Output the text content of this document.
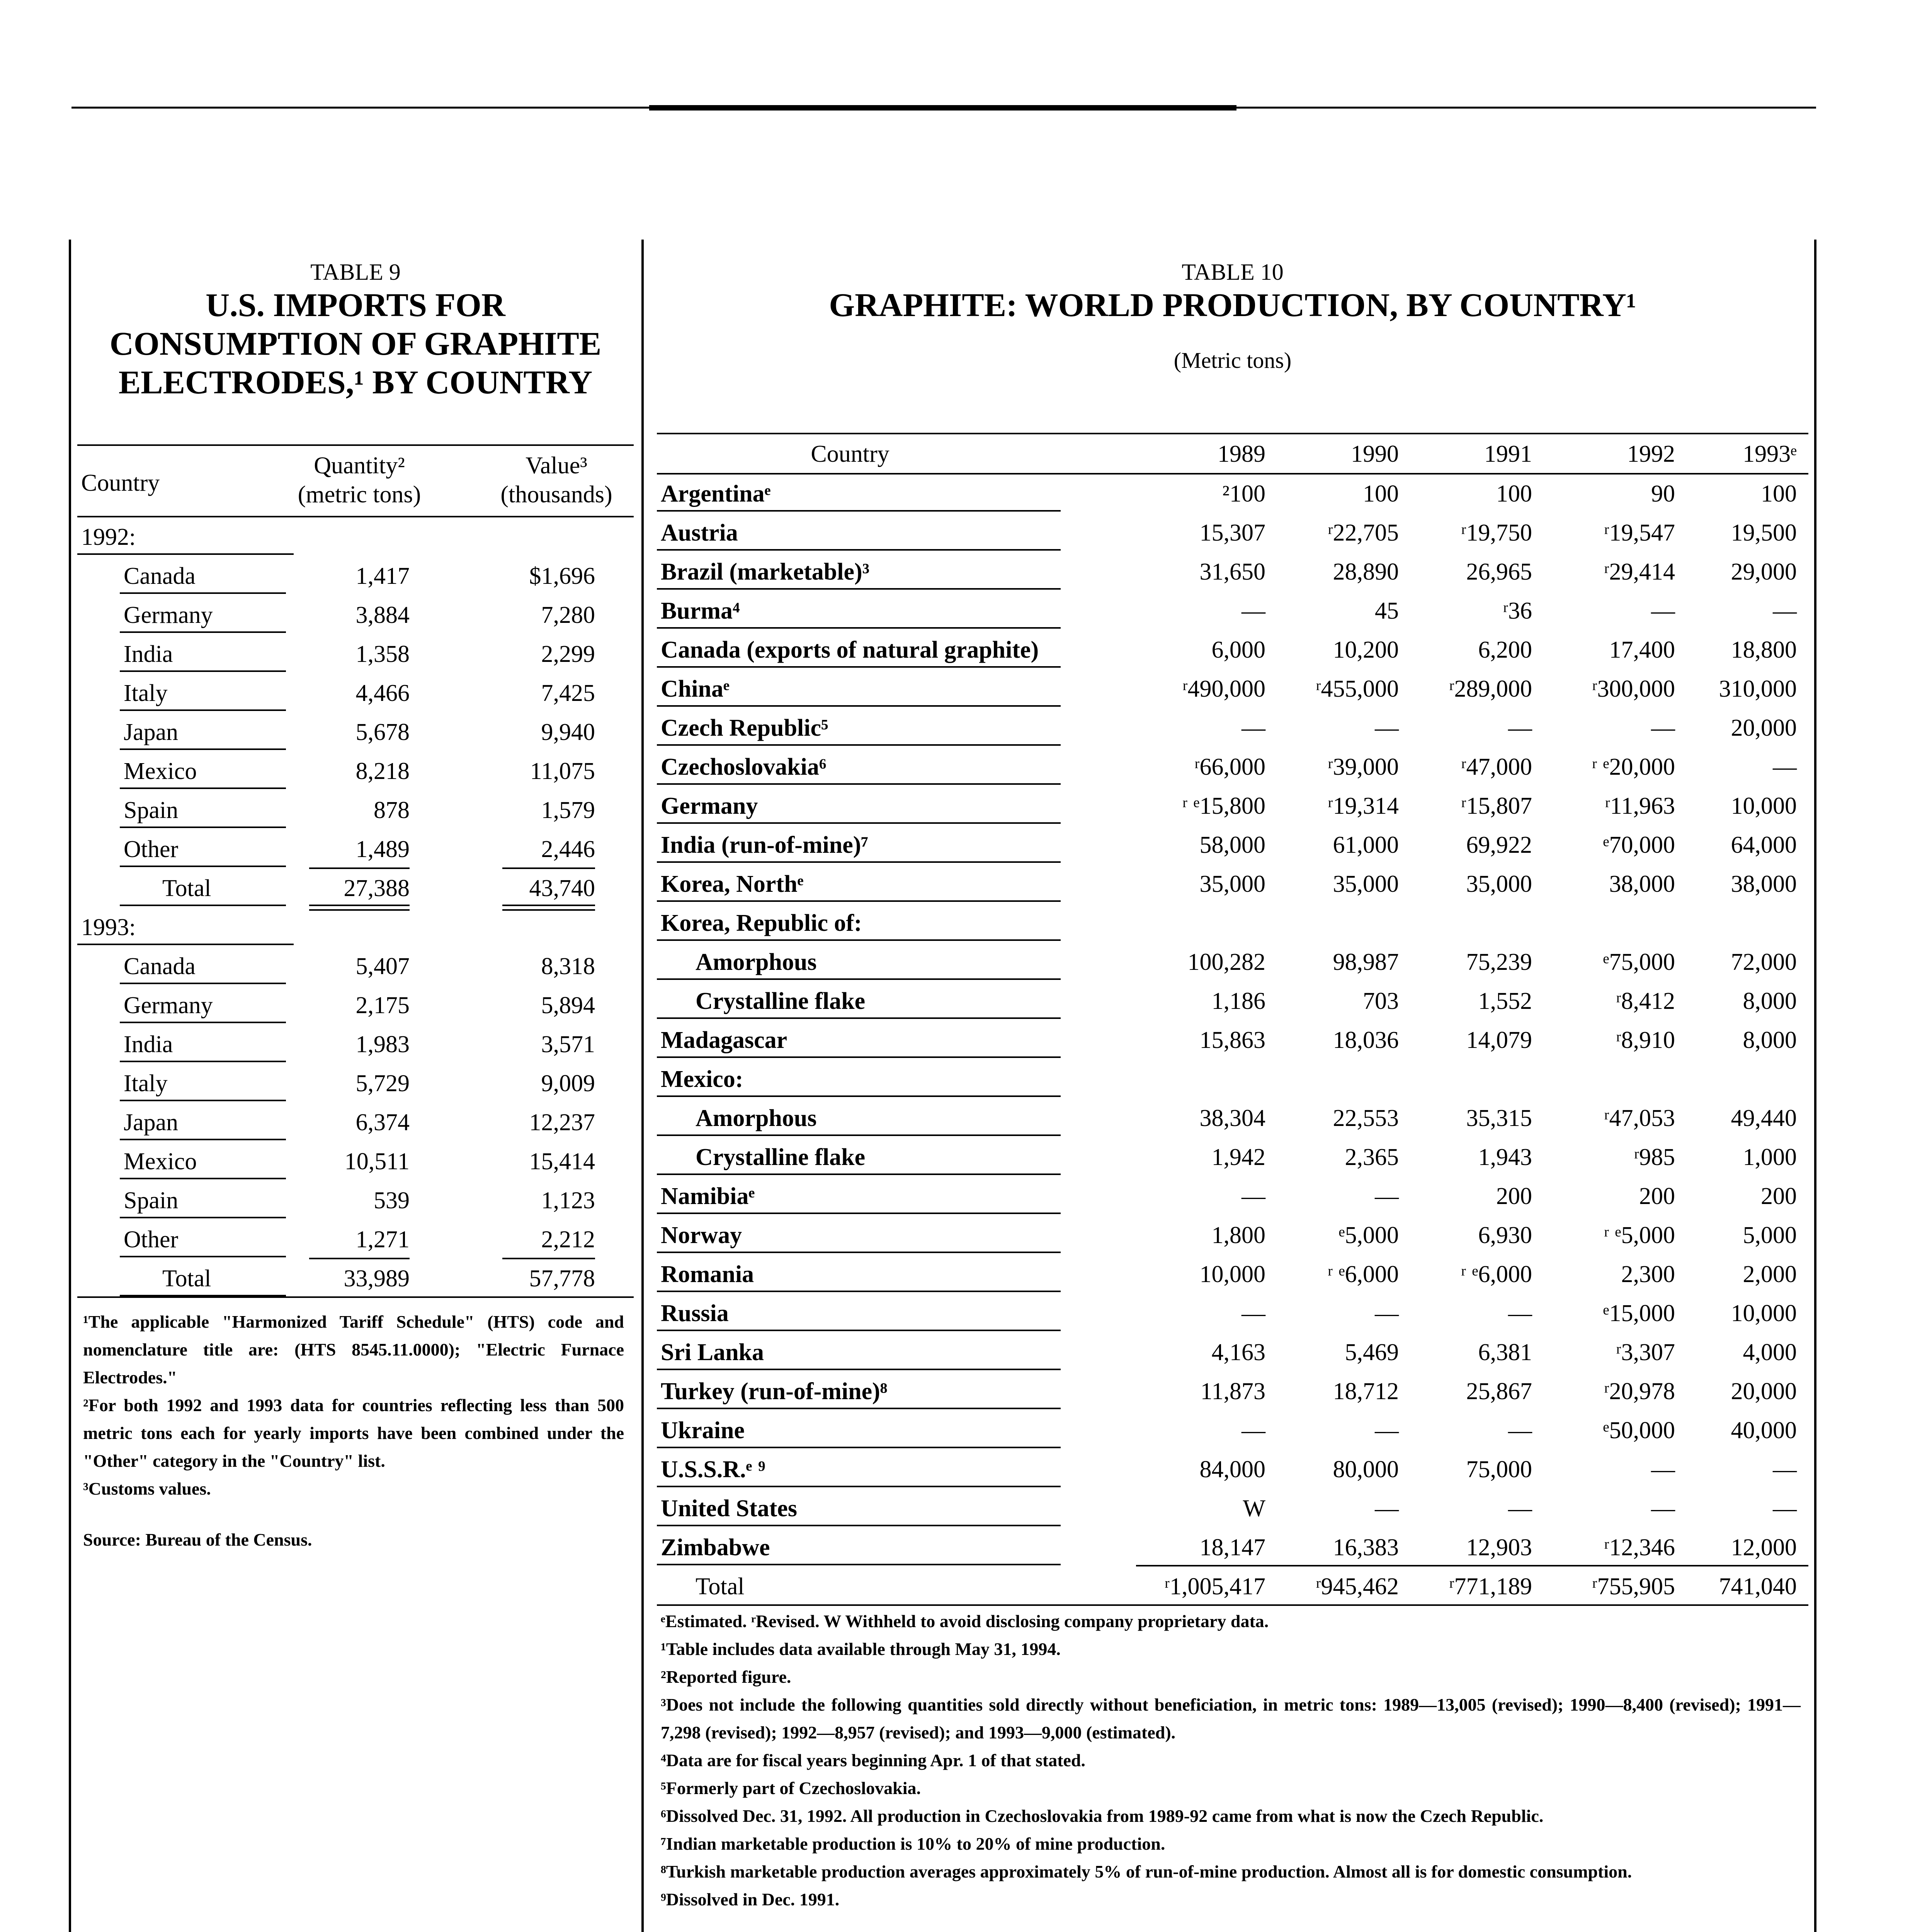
TABLE 9
U.S. IMPORTS FOR
CONSUMPTION OF GRAPHITE
ELECTRODES,¹ BY COUNTRY
Country
Quantity²
(metric tons)
Value³
(thousands)
1992:
Canada	1,417	$1,696
Germany	3,884	7,280
India	1,358	2,299
Italy	4,466	7,425
Japan	5,678	9,940
Mexico	8,218	11,075
Spain	878	1,579
Other	1,489	2,446
Total	27,388	43,740
1993:
Canada	5,407	8,318
Germany	2,175	5,894
India	1,983	3,571
Italy	5,729	9,009
Japan	6,374	12,237
Mexico	10,511	15,414
Spain	539	1,123
Other	1,271	2,212
Total	33,989	57,778
¹The applicable "Harmonized Tariff Schedule" (HTS) code and nomenclature title are: (HTS 8545.11.0000); "Electric Furnace Electrodes."
²For both 1992 and 1993 data for countries reflecting less than 500 metric tons each for yearly imports have been combined under the "Other" category in the "Country" list.
³Customs values.
Source: Bureau of the Census.
TABLE 10
GRAPHITE: WORLD PRODUCTION, BY COUNTRY¹
(Metric tons)
Country	1989	1990	1991	1992	1993ᵉ
Argentinaᵉ	²100	100	100	90	100
Austria	15,307	ʳ22,705	ʳ19,750	ʳ19,547	19,500
Brazil (marketable)³	31,650	28,890	26,965	ʳ29,414	29,000
Burma⁴	—	45	ʳ36	—	—
Canada (exports of natural graphite)	6,000	10,200	6,200	17,400	18,800
Chinaᵉ	ʳ490,000	ʳ455,000	ʳ289,000	ʳ300,000	310,000
Czech Republic⁵	—	—	—	—	20,000
Czechoslovakia⁶	ʳ66,000	ʳ39,000	ʳ47,000	ʳ ᵉ20,000	—
Germany	ʳ ᵉ15,800	ʳ19,314	ʳ15,807	ʳ11,963	10,000
India (run-of-mine)⁷	58,000	61,000	69,922	ᵉ70,000	64,000
Korea, Northᵉ	35,000	35,000	35,000	38,000	38,000
Korea, Republic of:
Amorphous	100,282	98,987	75,239	ᵉ75,000	72,000
Crystalline flake	1,186	703	1,552	ʳ8,412	8,000
Madagascar	15,863	18,036	14,079	ʳ8,910	8,000
Mexico:
Amorphous	38,304	22,553	35,315	ʳ47,053	49,440
Crystalline flake	1,942	2,365	1,943	ʳ985	1,000
Namibiaᵉ	—	—	200	200	200
Norway	1,800	ᵉ5,000	6,930	ʳ ᵉ5,000	5,000
Romania	10,000	ʳ ᵉ6,000	ʳ ᵉ6,000	2,300	2,000
Russia	—	—	—	ᵉ15,000	10,000
Sri Lanka	4,163	5,469	6,381	ʳ3,307	4,000
Turkey (run-of-mine)⁸	11,873	18,712	25,867	ʳ20,978	20,000
Ukraine	—	—	—	ᵉ50,000	40,000
U.S.S.R.ᵉ ⁹	84,000	80,000	75,000	—	—
United States	W	—	—	—	—
Zimbabwe	18,147	16,383	12,903	ʳ12,346	12,000
Total	ʳ1,005,417	ʳ945,462	ʳ771,189	ʳ755,905	741,040
ᵉEstimated. ʳRevised. W Withheld to avoid disclosing company proprietary data.
¹Table includes data available through May 31, 1994.
²Reported figure.
³Does not include the following quantities sold directly without beneficiation, in metric tons: 1989—13,005 (revised); 1990—8,400 (revised); 1991—7,298 (revised); 1992—8,957 (revised); and 1993—9,000 (estimated).
⁴Data are for fiscal years beginning Apr. 1 of that stated.
⁵Formerly part of Czechoslovakia.
⁶Dissolved Dec. 31, 1992. All production in Czechoslovakia from 1989-92 came from what is now the Czech Republic.
⁷Indian marketable production is 10% to 20% of mine production.
⁸Turkish marketable production averages approximately 5% of run-of-mine production. Almost all is for domestic consumption.
⁹Dissolved in Dec. 1991.
